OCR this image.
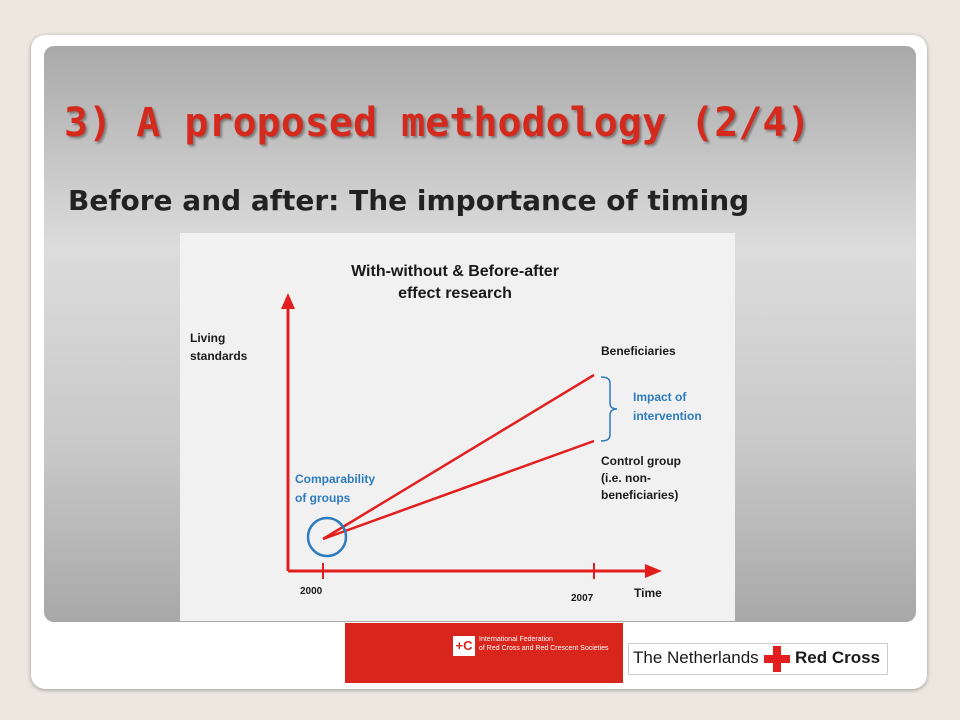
3) A proposed methodology (2/4)
Before and after: The importance of timing
With-without & Before-after
effect research
Living
standards	Beneficiaries
Impact of
intervention
Control group
(i.e. non-
beneficiaries)
Comparability
of groups
2000
2007	Time
+C International Federation
of Red Cross and Red Crescent Societies The Netherlands Red Cross
